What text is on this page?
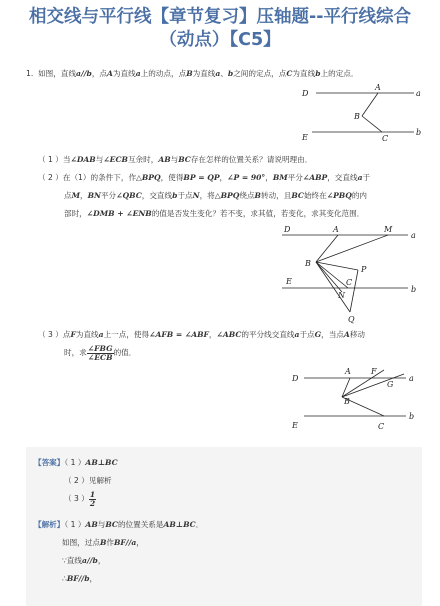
相交线与平行线【章节复习】压轴题--平行线综合
（动点）【C5】
1. 如图，直线a//b，点A为直线a上的动点，点B为直线a、b之间的定点，点C为直线b上的定点．
D
A
a
B
E	C
b
（ 1 ）当∠DAB与∠ECB互余时，AB与BC存在怎样的位置关系？请说明理由．
（ 2 ）在（1）的条件下，作△BPQ，使得BP = QP，∠P = 90°，BM平分∠ABP，交直线a于
点M，BN平分∠QBC，交直线b于点N，将△BPQ绕点B转动，且BC始终在∠PBQ的内
部时，∠DMB + ∠ENB的值是否发生变化？若不变，求其值，若变化，求其变化范围．
D	A	M
a
B
P
C
E
N
b
Q
（ 3 ）点F为直线a上一点，使得∠AFB = ∠ABF，∠ABC的平分线交直线a于点G，当点A移动
时，求 $\frac{\text{∠FBG}}{\text{∠ECB}}$ 的值．
D
A	F
G
a
B
E	C
b
【答案】（ 1 ）AB⊥BC
（ 2 ）见解析
（ 3 ） $\frac{1}{2}$
【解析】（ 1 ）AB与BC的位置关系是AB⊥BC．
如图，过点B作BF//a，
∵直线a//b，
∴BF//b，
